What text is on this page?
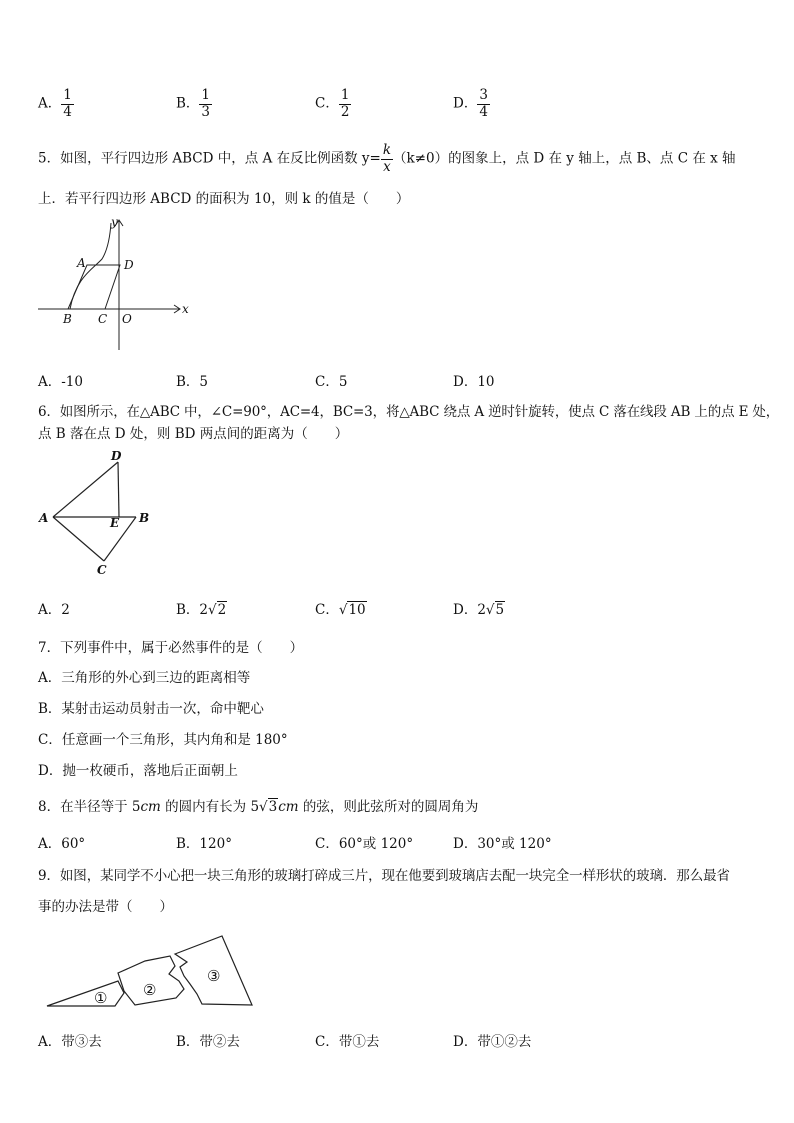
A． $\frac{1}{4}$	B． $\frac{1}{3}$	C． $\frac{1}{2}$	D． $\frac{3}{4}$
5．如图，平行四边形 ABCD 中，点 A 在反比例函数 $y= \frac{k}{x} (k\ne 0)$的图象上，点 D 在 y 轴上，点 B、点 C 在 x 轴
上．若平行四边形 ABCD 的面积为 10，则 k 的值是（　　）
y
x
A	D
B C O
A．-10	B．5	C．5	D．10
6．如图所示，在△ABC 中，∠C=90°，AC=4，BC=3，将△ABC 绕点 A 逆时针旋转，使点 C 落在线段 AB 上的点 E 处，
点 B 落在点 D 处，则 BD 两点间的距离为（　　）
D
A	E B
C
A．2	B．2√2	C．√10	D．2√5
7．下列事件中，属于必然事件的是（　　）
A．三角形的外心到三边的距离相等
B．某射击运动员射击一次，命中靶心
C．任意画一个三角形，其内角和是 180°
D．抛一枚硬币，落地后正面朝上
8．在半径等于 5cm 的圆内有长为 5√3cm 的弦，则此弦所对的圆周角为
A．60°	B．120°	C．60°或 120°	D．30°或 120°
9．如图，某同学不小心把一块三角形的玻璃打碎成三片，现在他要到玻璃店去配一块完全一样形状的玻璃．那么最省
事的办法是带（　　）
① ②
③
A．带③去	B．带②去	C．带①去	D．带①②去
